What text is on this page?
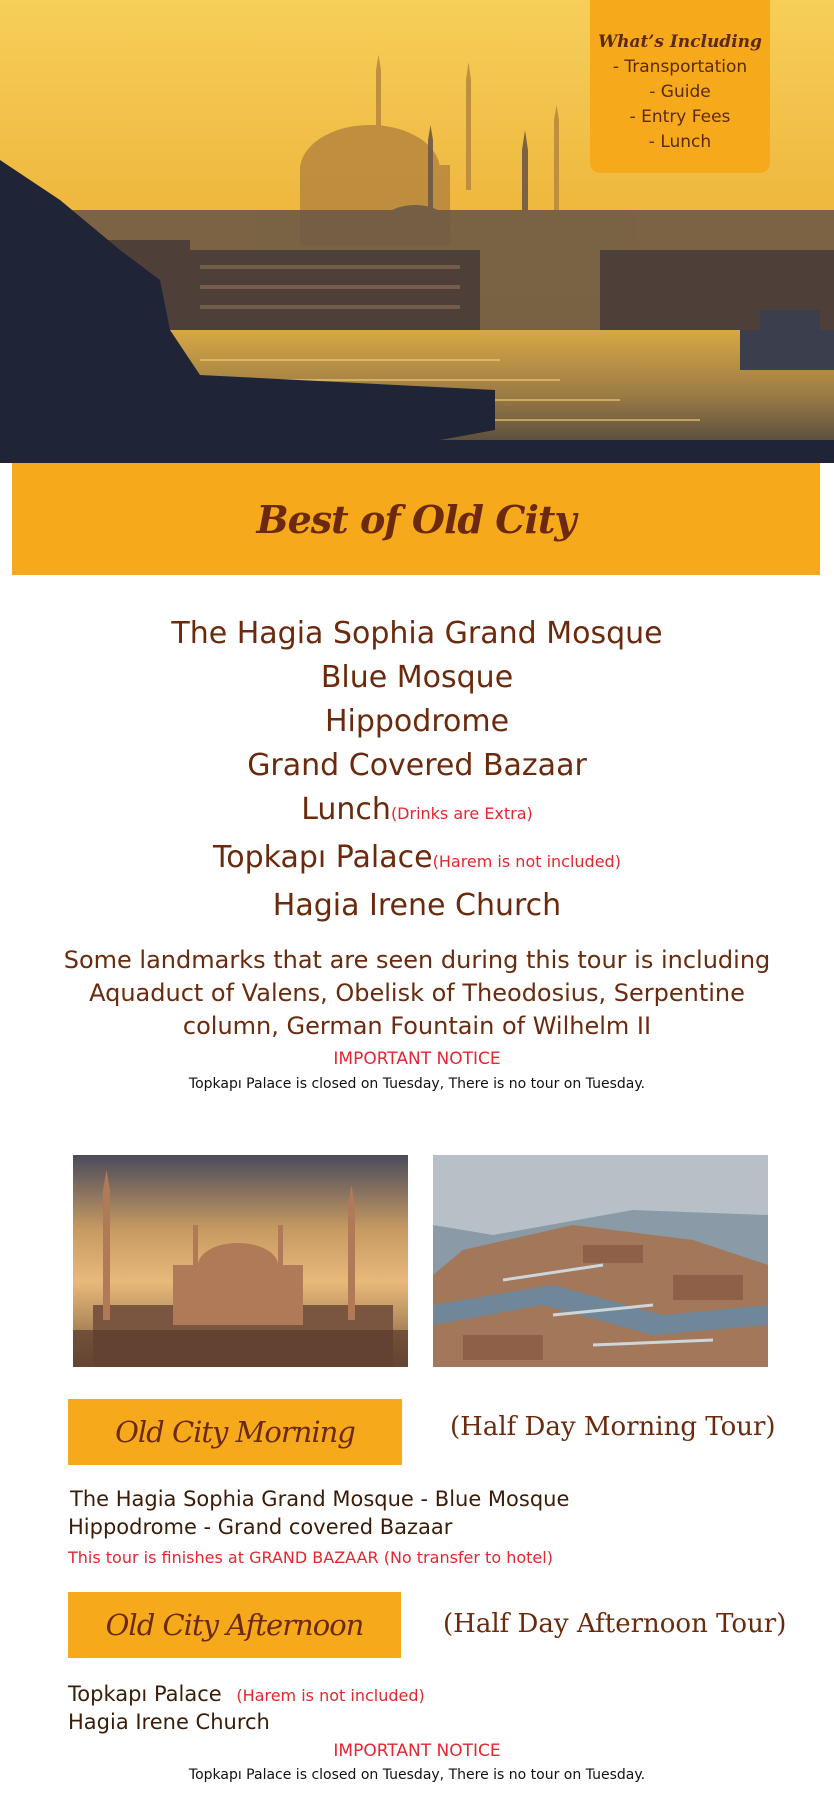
What’s Including
- Transportation
- Guide
- Entry Fees
- Lunch
Best of Old City
The Hagia Sophia Grand Mosque
Blue Mosque
Hippodrome
Grand Covered Bazaar
Lunch(Drinks are Extra)
Topkapı Palace(Harem is not included)
Hagia Irene Church
Some landmarks that are seen during this tour is including Aquaduct of Valens, Obelisk of Theodosius, Serpentine column, German Fountain of Wilhelm II
IMPORTANT NOTICE
Topkapı Palace is closed on Tuesday, There is no tour on Tuesday.
Old City Morning	(Half Day Morning Tour)
The Hagia Sophia Grand Mosque - Blue Mosque
Hippodrome - Grand covered Bazaar
This tour is finishes at GRAND BAZAAR (No transfer to hotel)
Old City Afternoon	(Half Day Afternoon Tour)
Topkapı Palace (Harem is not included)
Hagia Irene Church
IMPORTANT NOTICE
Topkapı Palace is closed on Tuesday, There is no tour on Tuesday.
